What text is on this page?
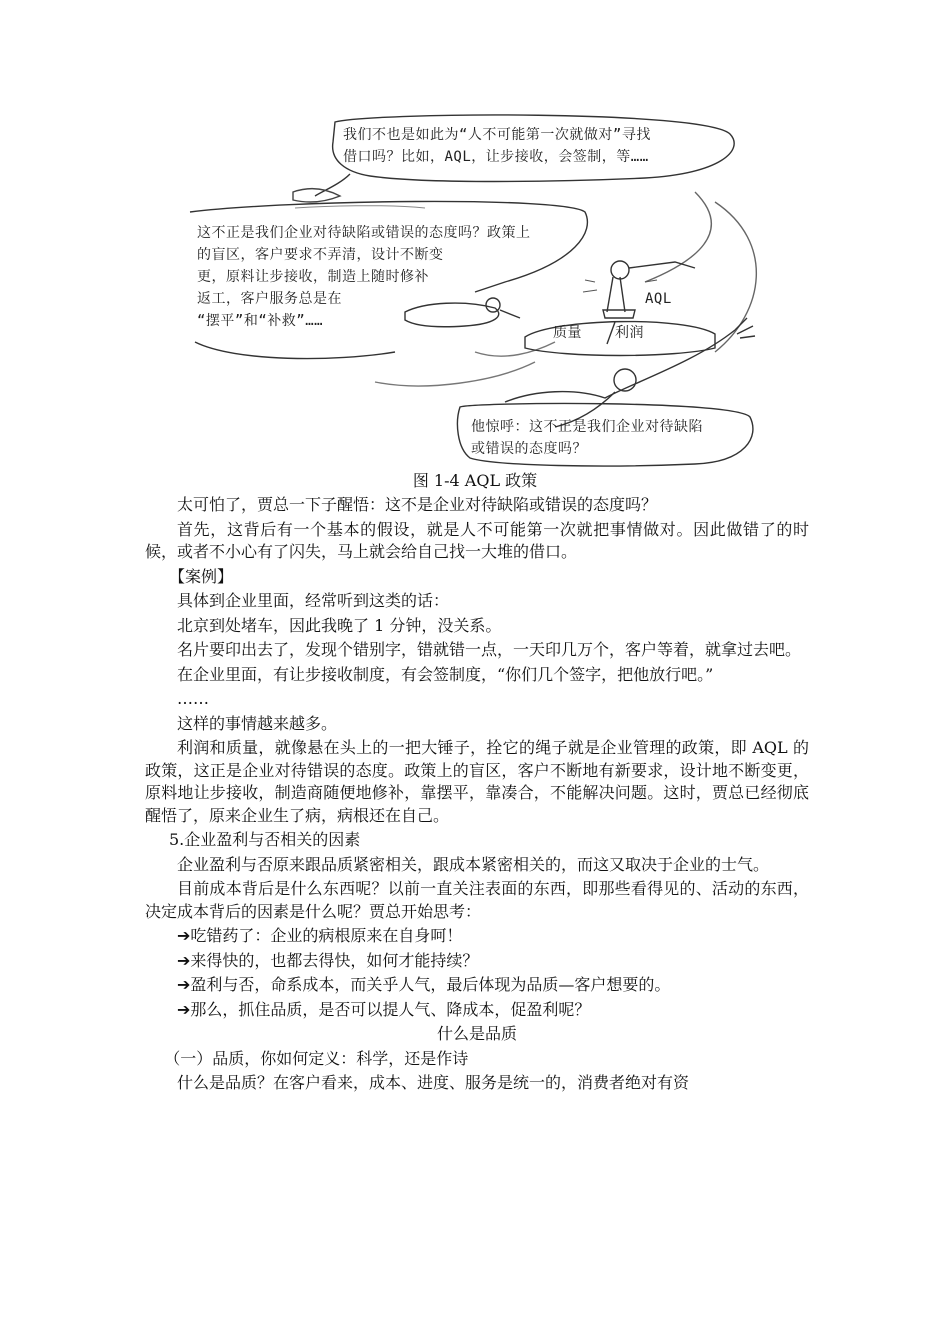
我们不也是如此为“人不可能第一次就做对”寻找
借口吗？比如，AQL，让步接收，会签制，等……
这不正是我们企业对待缺陷或错误的态度吗？政策上
的盲区，客户要求不弄清，设计不断变
更，原料让步接收，制造上随时修补
返工，客户服务总是在
“摆平”和“补救”……
AQL
质量 利润
他惊呼：这不正是我们企业对待缺陷
或错误的态度吗？
图 1-4 AQL 政策

太可怕了，贾总一下子醒悟：这不是企业对待缺陷或错误的态度吗？

首先，这背后有一个基本的假设，就是人不可能第一次就把事情做对。因此做错了的时候，或者不小心有了闪失，马上就会给自己找一大堆的借口。

【案例】

具体到企业里面，经常听到这类的话：

北京到处堵车，因此我晚了 1 分钟，没关系。

名片要印出去了，发现个错别字，错就错一点，一天印几万个，客户等着，就拿过去吧。

在企业里面，有让步接收制度，有会签制度，“你们几个签字，把他放行吧。”

……

这样的事情越来越多。

利润和质量，就像悬在头上的一把大锤子，拴它的绳子就是企业管理的政策，即 AQL 的政策，这正是企业对待错误的态度。政策上的盲区，客户不断地有新要求，设计地不断变更，原料地让步接收，制造商随便地修补，靠摆平，靠凑合，不能解决问题。这时，贾总已经彻底醒悟了，原来企业生了病，病根还在自己。

5.企业盈利与否相关的因素

企业盈利与否原来跟品质紧密相关，跟成本紧密相关的，而这又取决于企业的士气。

目前成本背后是什么东西呢？以前一直关注表面的东西，即那些看得见的、活动的东西，决定成本背后的因素是什么呢？贾总开始思考：

➔吃错药了：企业的病根原来在自身呵！

➔来得快的，也都去得快，如何才能持续？

➔盈利与否，命系成本，而关乎人气，最后体现为品质—客户想要的。

➔那么，抓住品质，是否可以提人气、降成本，促盈利呢？

什么是品质

（一）品质，你如何定义：科学，还是作诗

什么是品质？在客户看来，成本、进度、服务是统一的，消费者绝对有资
